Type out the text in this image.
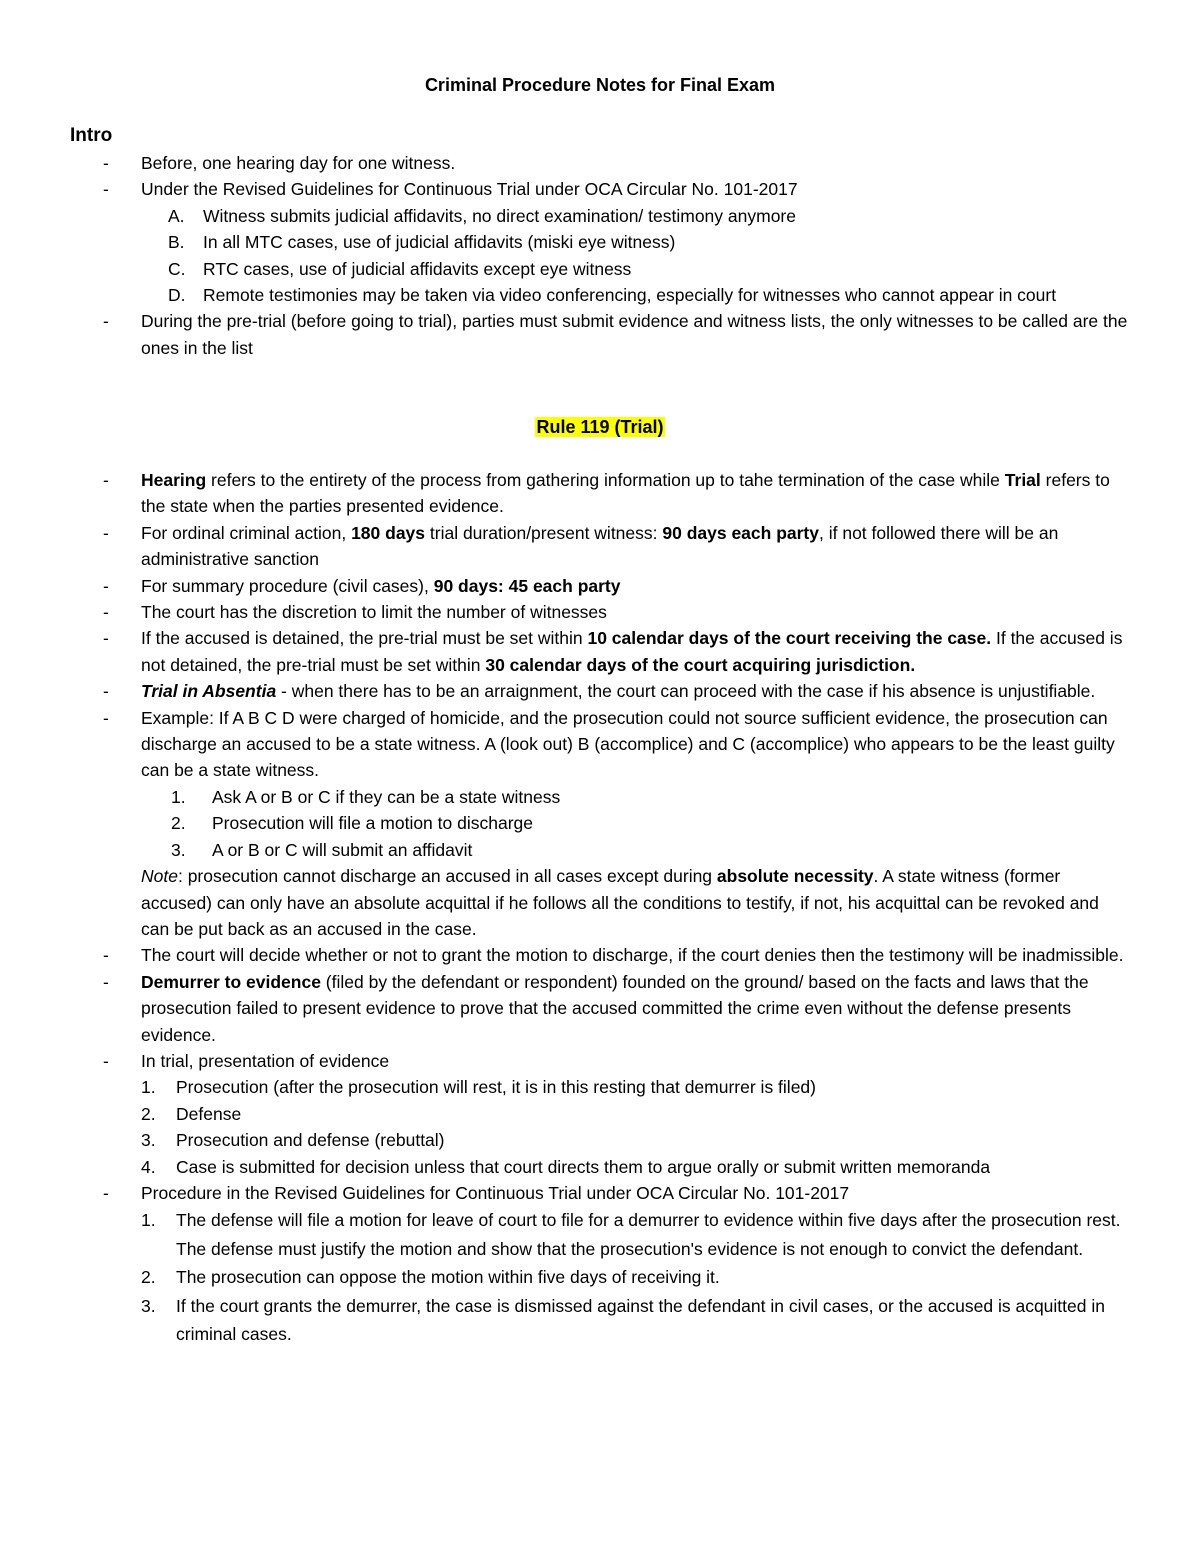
Criminal Procedure Notes for Final Exam
Intro
- Before, one hearing day for one witness.
- Under the Revised Guidelines for Continuous Trial under OCA Circular No. 101-2017
A. Witness submits judicial affidavits, no direct examination/ testimony anymore
B. In all MTC cases, use of judicial affidavits (miski eye witness)
C. RTC cases, use of judicial affidavits except eye witness
D. Remote testimonies may be taken via video conferencing, especially for witnesses who cannot appear in court
- During the pre-trial (before going to trial), parties must submit evidence and witness lists, the only witnesses to be called are the ones in the list
Rule 119 (Trial)
- Hearing refers to the entirety of the process from gathering information up to tahe termination of the case while Trial refers to the state when the parties presented evidence.
- For ordinal criminal action, 180 days trial duration/present witness: 90 days each party, if not followed there will be an administrative sanction
- For summary procedure (civil cases), 90 days: 45 each party
- The court has the discretion to limit the number of witnesses
- If the accused is detained, the pre-trial must be set within 10 calendar days of the court receiving the case. If the accused is not detained, the pre-trial must be set within 30 calendar days of the court acquiring jurisdiction.
- Trial in Absentia - when there has to be an arraignment, the court can proceed with the case if his absence is unjustifiable.
- Example: If A B C D were charged of homicide, and the prosecution could not source sufficient evidence, the prosecution can discharge an accused to be a state witness. A (look out) B (accomplice) and C (accomplice) who appears to be the least guilty can be a state witness.
1. Ask A or B or C if they can be a state witness
2. Prosecution will file a motion to discharge
3. A or B or C will submit an affidavit
Note: prosecution cannot discharge an accused in all cases except during absolute necessity. A state witness (former accused) can only have an absolute acquittal if he follows all the conditions to testify, if not, his acquittal can be revoked and can be put back as an accused in the case.
- The court will decide whether or not to grant the motion to discharge, if the court denies then the testimony will be inadmissible.
- Demurrer to evidence (filed by the defendant or respondent) founded on the ground/ based on the facts and laws that the prosecution failed to present evidence to prove that the accused committed the crime even without the defense presents evidence.
- In trial, presentation of evidence
1. Prosecution (after the prosecution will rest, it is in this resting that demurrer is filed)
2. Defense
3. Prosecution and defense (rebuttal)
4. Case is submitted for decision unless that court directs them to argue orally or submit written memoranda
- Procedure in the Revised Guidelines for Continuous Trial under OCA Circular No. 101-2017
1. The defense will file a motion for leave of court to file for a demurrer to evidence within five days after the prosecution rest. The defense must justify the motion and show that the prosecution's evidence is not enough to convict the defendant.
2. The prosecution can oppose the motion within five days of receiving it.
3. If the court grants the demurrer, the case is dismissed against the defendant in civil cases, or the accused is acquitted in criminal cases.
